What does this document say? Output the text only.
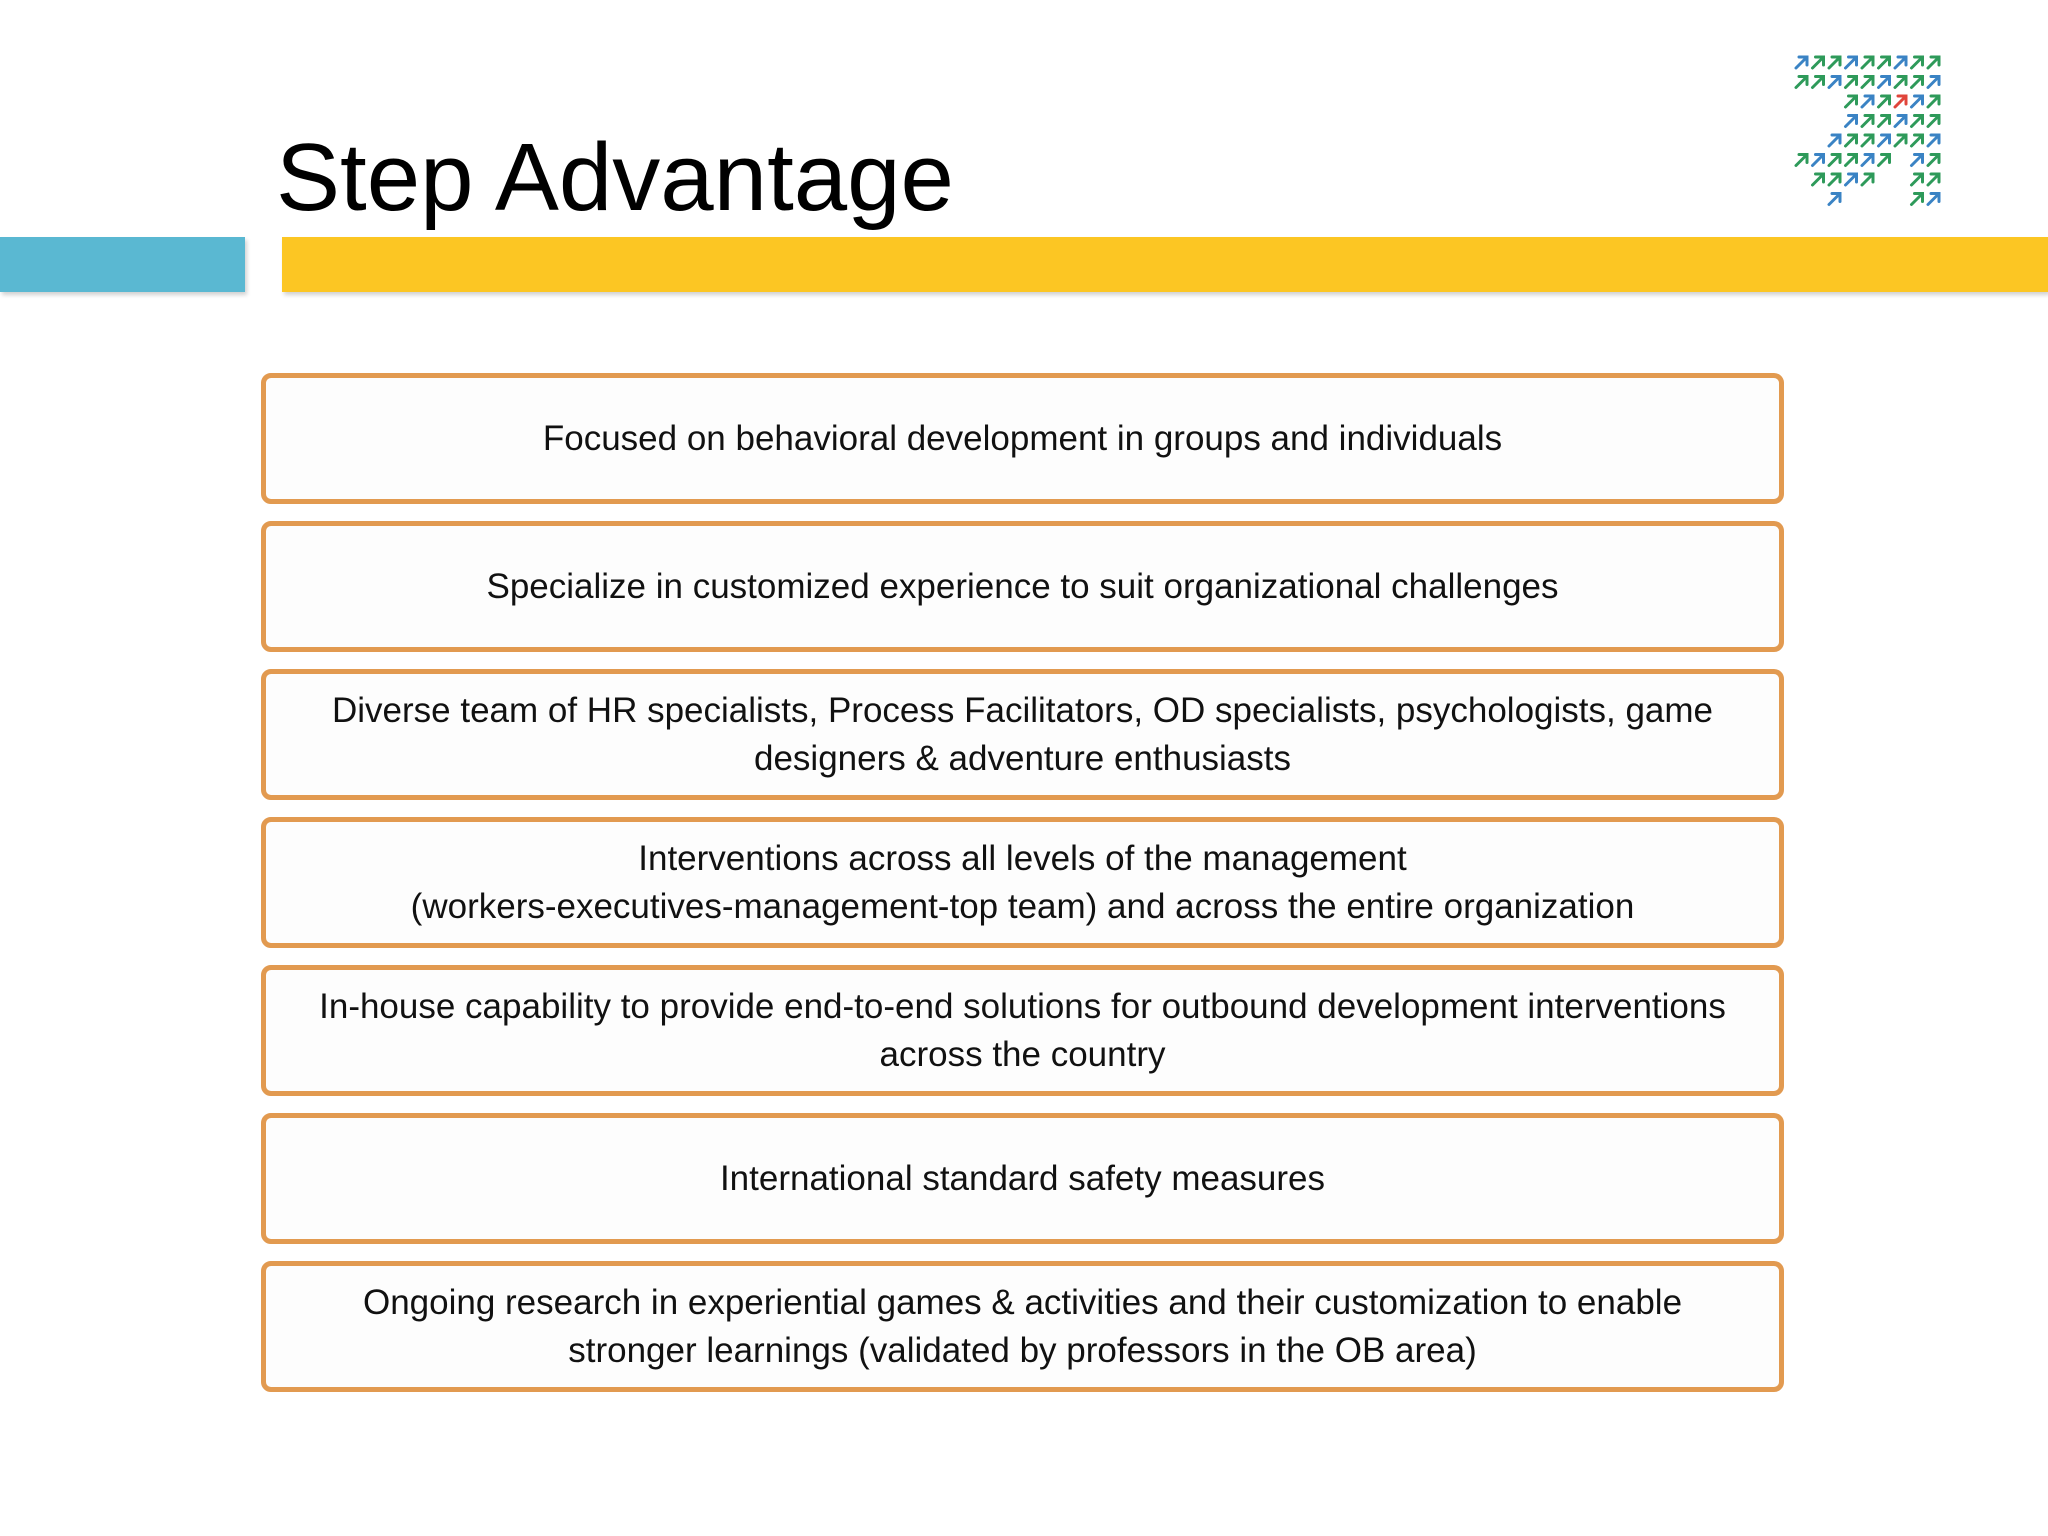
Step Advantage
Focused on behavioral development in groups and individuals
Specialize in customized experience to suit organizational challenges
Diverse team of HR specialists, Process Facilitators, OD specialists, psychologists, game designers & adventure enthusiasts
Interventions across all levels of the management
(workers-executives-management-top team) and across the entire organization
In-house capability to provide end-to-end solutions for outbound development interventions across the country
International standard safety measures
Ongoing research in experiential games & activities and their customization to enable stronger learnings (validated by professors in the OB area)
